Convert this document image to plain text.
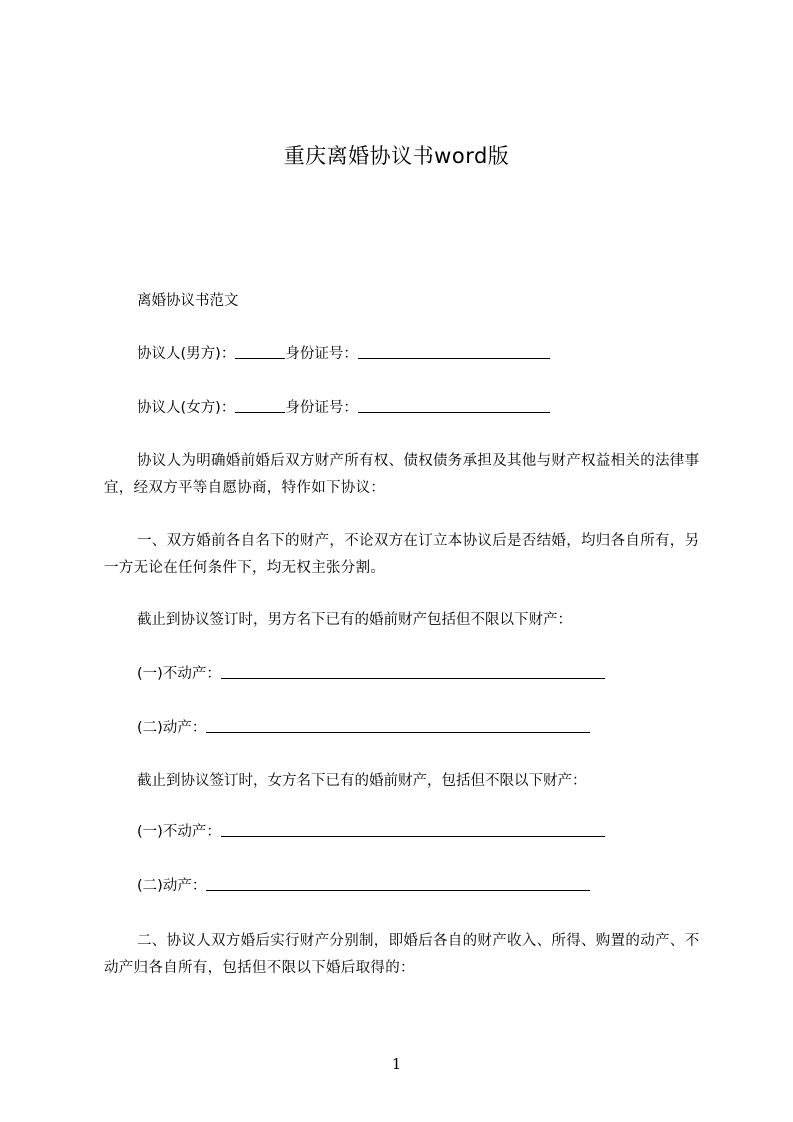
重庆离婚协议书word版
离婚协议书范文
协议人(男方)：	身份证号：
协议人(女方)：	身份证号：
协议人为明确婚前婚后双方财产所有权、债权债务承担及其他与财产权益相关的法律事宜，经双方平等自愿协商，特作如下协议：
一、双方婚前各自名下的财产，不论双方在订立本协议后是否结婚，均归各自所有，另一方无论在任何条件下，均无权主张分割。
截止到协议签订时，男方名下已有的婚前财产包括但不限以下财产：
(一)不动产：
(二)动产：
截止到协议签订时，女方名下已有的婚前财产，包括但不限以下财产：
(一)不动产：
(二)动产：
二、协议人双方婚后实行财产分别制，即婚后各自的财产收入、所得、购置的动产、不动产归各自所有，包括但不限以下婚后取得的：
1
